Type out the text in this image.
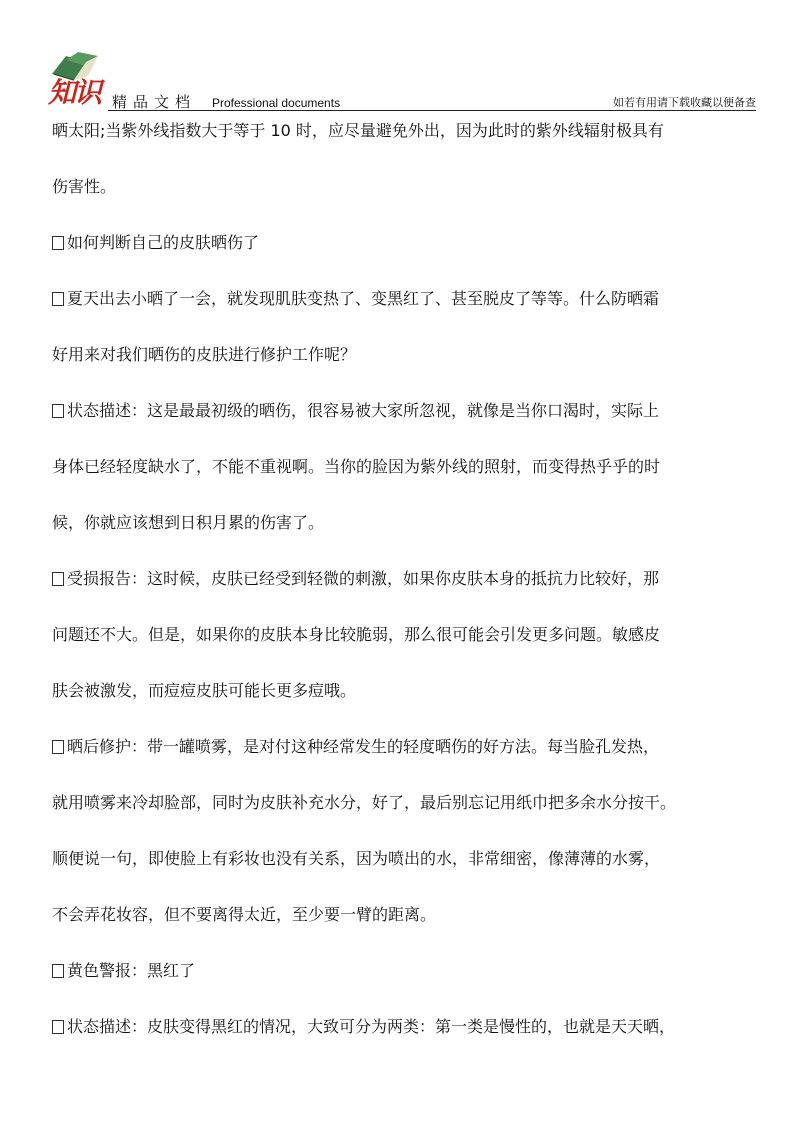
知识 精品文档 Professional documents	如若有用请下载收藏以便备查

晒太阳;当紫外线指数大于等于 10 时，应尽量避免外出，因为此时的紫外线辐射极具有

伤害性。

如何判断自己的皮肤晒伤了

夏天出去小晒了一会，就发现肌肤变热了、变黑红了、甚至脱皮了等等。什么防晒霜

好用来对我们晒伤的皮肤进行修护工作呢？

状态描述：这是最最初级的晒伤，很容易被大家所忽视，就像是当你口渴时，实际上

身体已经轻度缺水了，不能不重视啊。当你的脸因为紫外线的照射，而变得热乎乎的时

候，你就应该想到日积月累的伤害了。

受损报告：这时候，皮肤已经受到轻微的刺激，如果你皮肤本身的抵抗力比较好，那

问题还不大。但是，如果你的皮肤本身比较脆弱，那么很可能会引发更多问题。敏感皮

肤会被激发，而痘痘皮肤可能长更多痘哦。

晒后修护：带一罐喷雾，是对付这种经常发生的轻度晒伤的好方法。每当脸孔发热，

就用喷雾来冷却脸部，同时为皮肤补充水分，好了，最后别忘记用纸巾把多余水分按干。

顺便说一句，即使脸上有彩妆也没有关系，因为喷出的水，非常细密，像薄薄的水雾，

不会弄花妆容，但不要离得太近，至少要一臂的距离。

黄色警报：黑红了

状态描述：皮肤变得黑红的情况，大致可分为两类：第一类是慢性的，也就是天天晒，
